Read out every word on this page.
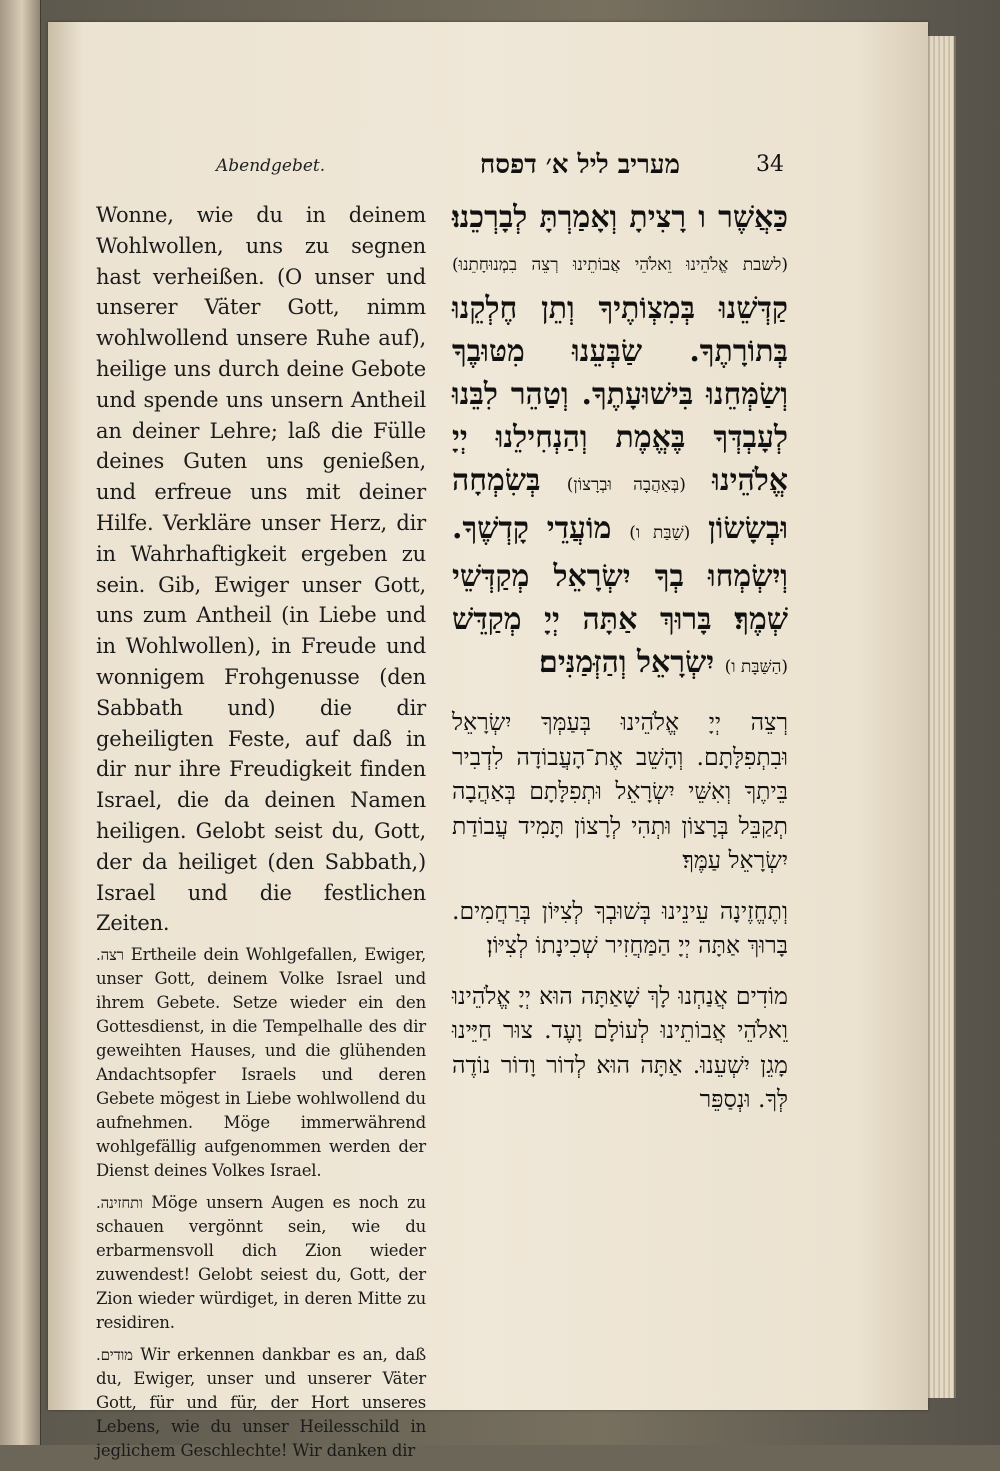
Abendgebet.	מעריב ליל א׳ דפסח	34

Wonne, wie du in deinem Wohlwollen, uns zu segnen hast verheißen. (O unser und unserer Väter Gott, nimm wohlwollend unsere Ruhe auf), heilige uns durch deine Gebote und spende uns unsern Antheil an deiner Lehre; laß die Fülle deines Guten uns genießen, und erfreue uns mit deiner Hilfe. Verkläre unser Herz, dir in Wahrhaftigkeit ergeben zu sein. Gib, Ewiger unser Gott, uns zum Antheil (in Liebe und in Wohlwollen), in Freude und wonnigem Frohgenusse (den Sabbath und) die dir geheiligten Feste, auf daß in dir nur ihre Freudigkeit finden Israel, die da deinen Namen heiligen. Gelobt seist du, Gott, der da heiliget (den Sabbath,) Israel und die festlichen Zeiten.

רצה. Ertheile dein Wohlgefallen, Ewiger, unser Gott, deinem Volke Israel und ihrem Gebete. Setze wieder ein den Gottesdienst, in die Tempelhalle des dir geweihten Hauses, und die glühenden Andachtsopfer Israels und deren Gebete mögest in Liebe wohlwollend du aufnehmen. Möge immerwährend wohlgefällig aufgenommen werden der Dienst deines Volkes Israel.

ותחזינה. Möge unsern Augen es noch zu schauen vergönnt sein, wie du erbarmensvoll dich Zion wieder zuwendest! Gelobt seiest du, Gott, der Zion wieder würdiget, in deren Mitte zu residiren.

מודים. Wir erkennen dankbar es an, daß du, Ewiger, unser und unserer Väter Gott, für und für, der Hort unseres Lebens, wie du unser Heilesschild in jeglichem Geschlechte! Wir danken dir

כַּאֲשֶׁר ו רָצִיתָ וְאָמַרְתָּ לְבָרְכֵנוּ׃ (לשבת אֱלֹהֵינוּ וֵאלֹהֵי אֲבוֹתֵינוּ רְצֵה בִמְנוּחָתֵנוּ) קַדְּשֵׁנוּ בְּמִצְוֹתֶיךָ וְתֵן חֶלְקֵנוּ בְּתוֹרָתֶךָ. שַׂבְּעֵנוּ מִטּוּבֶךָ וְשַׂמְּחֵנוּ בִּישׁוּעָתֶךָ. וְטַהֵר לִבֵּנוּ לְעָבְדְּךָ בֶּאֱמֶת וְהַנְחִילֵנוּ יְיָ אֱלֹהֵינוּ (בְּאַהֲבָה וּבְרָצוֹן) בְּשִׂמְחָה וּבְשָׂשׂוֹן (שַׁבַּת ו) מוֹעֲדֵי קָדְשֶׁךָ. וְיִשְׂמְחוּ בְךָ יִשְׂרָאֵל מְקַדְּשֵׁי שְׁמֶךָ׃ בָּרוּךְ אַתָּה יְיָ מְקַדֵּשׁ (הַשַּׁבָּת ו) יִשְׂרָאֵל וְהַזְּמַנִּים׃

רְצֵה יְיָ אֱלֹהֵינוּ בְּעַמְּךָ יִשְׂרָאֵל וּבִתְפִלָּתָם. וְהָשֵׁב אֶת־הָעֲבוֹדָה לִדְבִיר בֵּיתֶךָ וְאִשֵּׁי יִשְׂרָאֵל וּתְפִלָּתָם בְּאַהֲבָה תְקַבֵּל בְּרָצוֹן וּתְהִי לְרָצוֹן תָּמִיד עֲבוֹדַת יִשְׂרָאֵל עַמֶּךָ׃

וְתֶחֱזֶינָה עֵינֵינוּ בְּשׁוּבְךָ לְצִיּוֹן בְּרַחֲמִים. בָּרוּךְ אַתָּה יְיָ הַמַּחֲזִיר שְׁכִינָתוֹ לְצִיּוֹן׃

מוֹדִים אֲנַחְנוּ לָךְ שָׁאַתָּה הוּא יְיָ אֱלֹהֵינוּ וֵאלֹהֵי אֲבוֹתֵינוּ לְעוֹלָם וָעֶד. צוּר חַיֵּינוּ מָגֵן יִשְׁעֵנוּ. אַתָּה הוּא לְדוֹר וָדוֹר נוֹדֶה לְּךָ. וּנְסַפֵּר
